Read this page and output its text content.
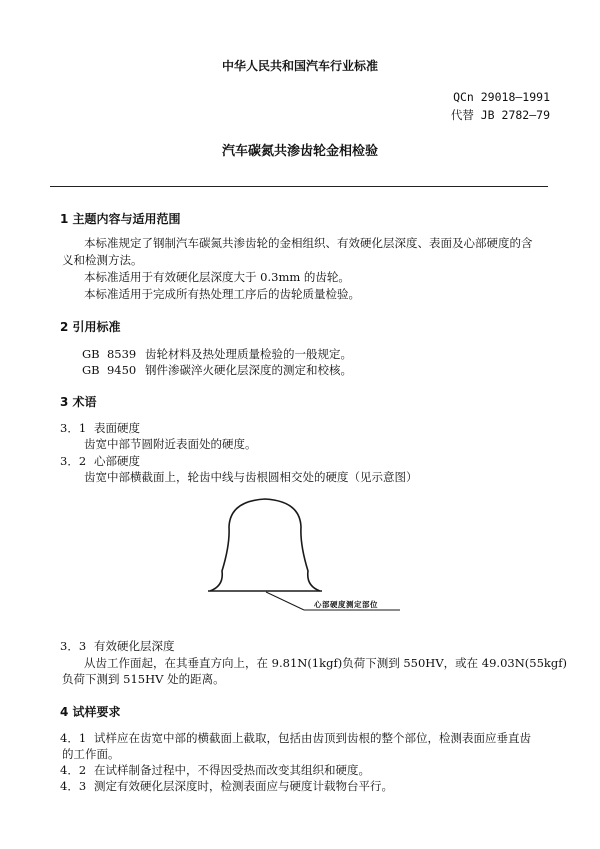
中华人民共和国汽车行业标准
QCn 29018—1991
代替 JB 2782—79
汽车碳氮共渗齿轮金相检验
1 主题内容与适用范围
本标准规定了钢制汽车碳氮共渗齿轮的金相组织、有效硬化层深度、表面及心部硬度的含
义和检测方法。
本标准适用于有效硬化层深度大于 0.3mm 的齿轮。
本标准适用于完成所有热处理工序后的齿轮质量检验。
2 引用标准
GB  8539 齿轮材料及热处理质量检验的一般规定。
GB  9450 钢件渗碳淬火硬化层深度的测定和校核。
3 术语
3．1 表面硬度
齿宽中部节圆附近表面处的硬度。
3．2 心部硬度
齿宽中部横截面上，轮齿中线与齿根圆相交处的硬度（见示意图）
心部硬度测定部位
3．3 有效硬化层深度
从齿工作面起，在其垂直方向上，在 9.81N(1kgf)负荷下测到 550HV，或在 49.03N(55kgf)
负荷下测到 515HV 处的距离。
4 试样要求
4．1 试样应在齿宽中部的横截面上截取，包括由齿顶到齿根的整个部位，检测表面应垂直齿
的工作面。
4．2 在试样制备过程中，不得因受热而改变其组织和硬度。
4．3 测定有效硬化层深度时，检测表面应与硬度计载物台平行。
